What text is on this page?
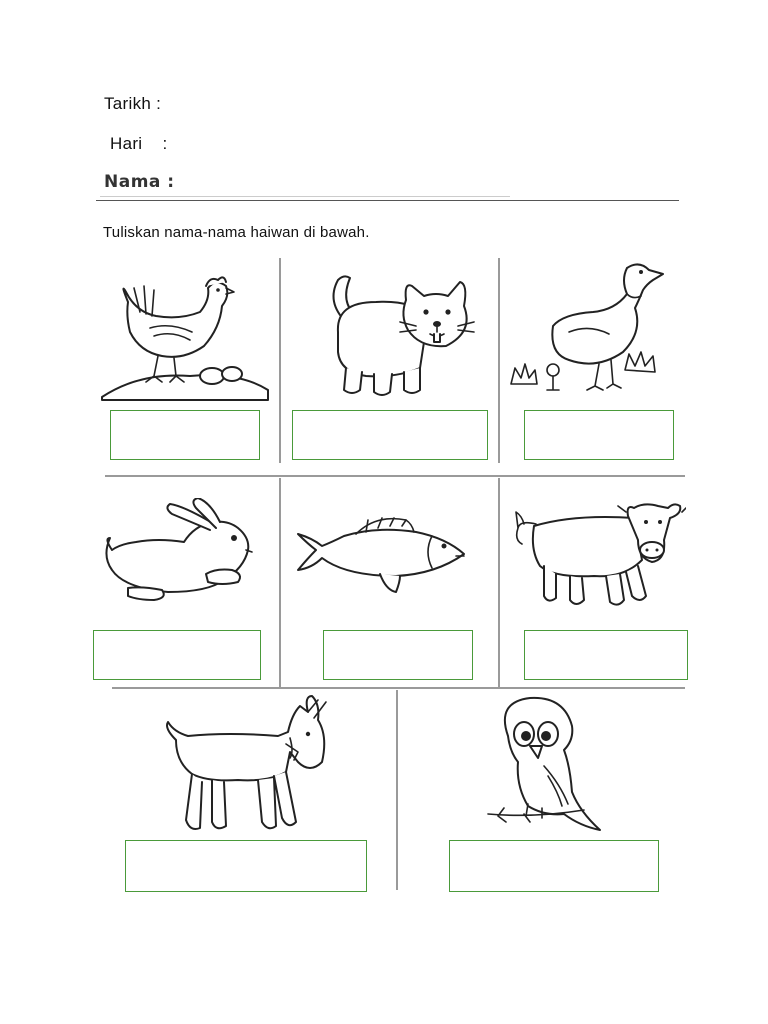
Tarikh :
Hari    :
Nama :
Tuliskan nama-nama haiwan di bawah.
